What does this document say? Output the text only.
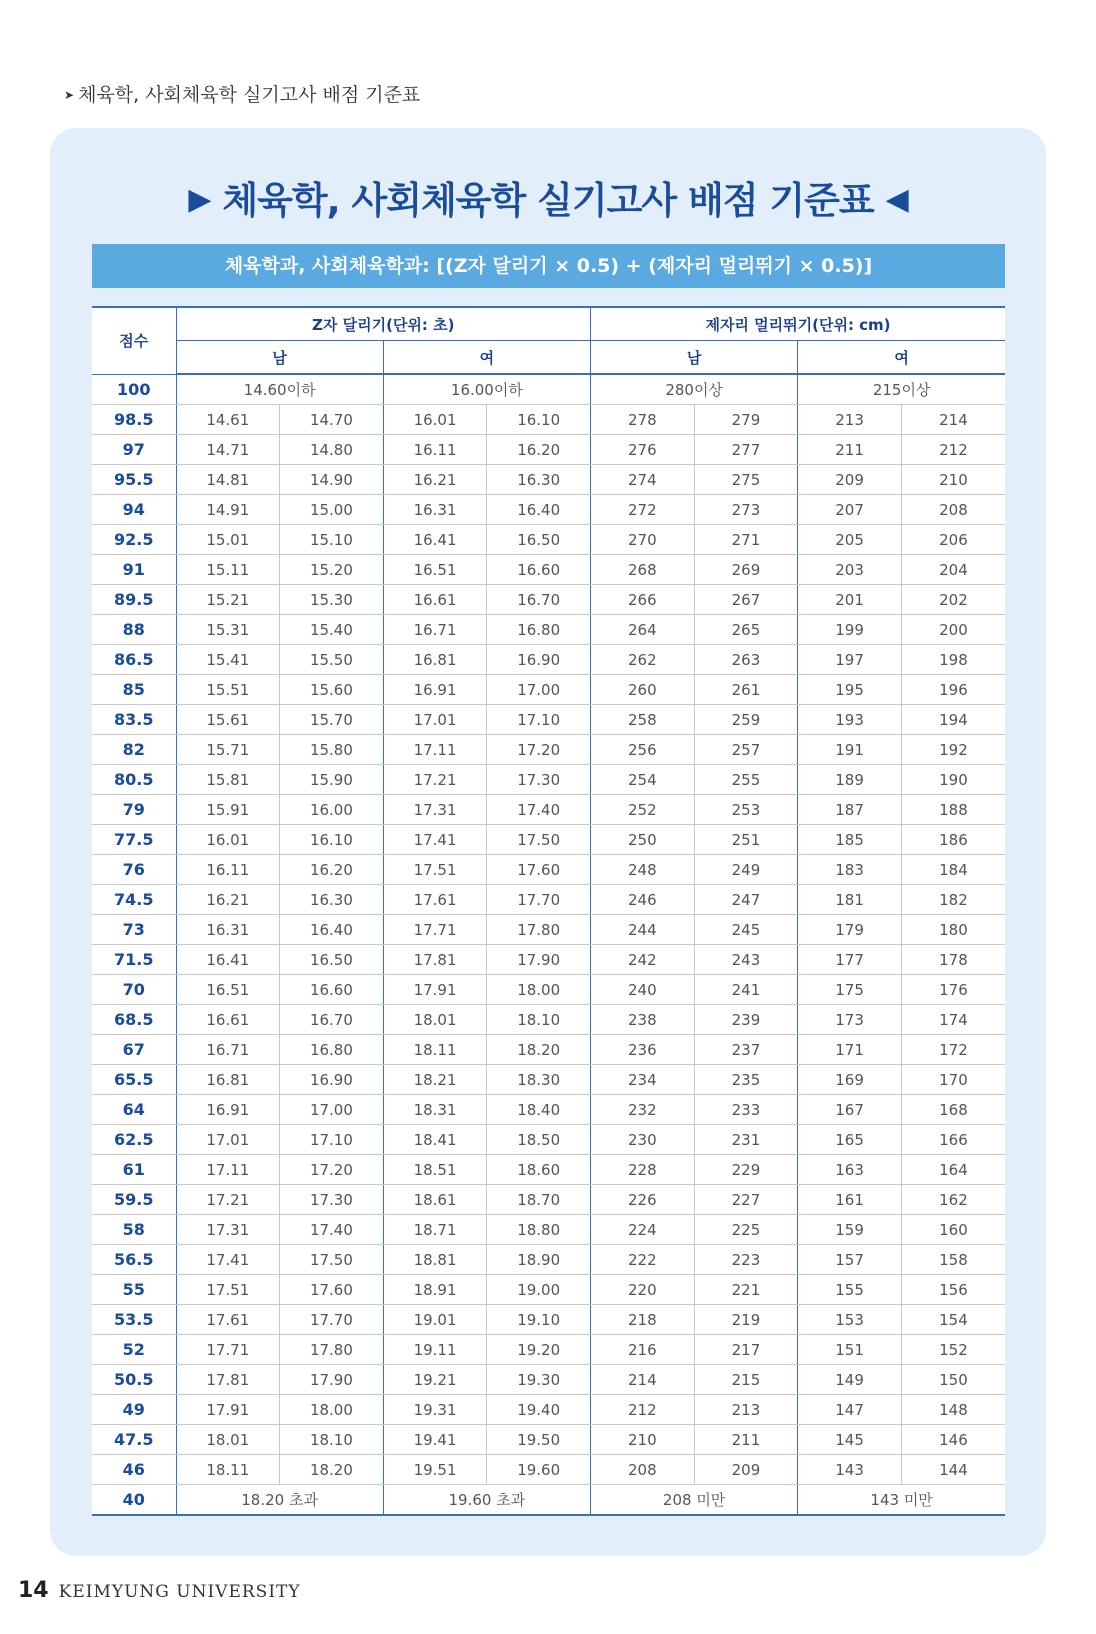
➤ 체육학, 사회체육학 실기고사 배점 기준표
▶ 체육학, 사회체육학 실기고사 배점 기준표 ◀
체육학과, 사회체육학과: [(Z자 달리기 × 0.5) + (제자리 멀리뛰기 × 0.5)]
점수	Z자 달리기(단위: 초)				제자리 멀리뛰기(단위: cm)			
	남		여		남		여	
100	14.60이하		16.00이하		280이상		215이상	
98.5	14.61	14.70	16.01	16.10	278	279	213	214
97	14.71	14.80	16.11	16.20	276	277	211	212
95.5	14.81	14.90	16.21	16.30	274	275	209	210
94	14.91	15.00	16.31	16.40	272	273	207	208
92.5	15.01	15.10	16.41	16.50	270	271	205	206
91	15.11	15.20	16.51	16.60	268	269	203	204
89.5	15.21	15.30	16.61	16.70	266	267	201	202
88	15.31	15.40	16.71	16.80	264	265	199	200
86.5	15.41	15.50	16.81	16.90	262	263	197	198
85	15.51	15.60	16.91	17.00	260	261	195	196
83.5	15.61	15.70	17.01	17.10	258	259	193	194
82	15.71	15.80	17.11	17.20	256	257	191	192
80.5	15.81	15.90	17.21	17.30	254	255	189	190
79	15.91	16.00	17.31	17.40	252	253	187	188
77.5	16.01	16.10	17.41	17.50	250	251	185	186
76	16.11	16.20	17.51	17.60	248	249	183	184
74.5	16.21	16.30	17.61	17.70	246	247	181	182
73	16.31	16.40	17.71	17.80	244	245	179	180
71.5	16.41	16.50	17.81	17.90	242	243	177	178
70	16.51	16.60	17.91	18.00	240	241	175	176
68.5	16.61	16.70	18.01	18.10	238	239	173	174
67	16.71	16.80	18.11	18.20	236	237	171	172
65.5	16.81	16.90	18.21	18.30	234	235	169	170
64	16.91	17.00	18.31	18.40	232	233	167	168
62.5	17.01	17.10	18.41	18.50	230	231	165	166
61	17.11	17.20	18.51	18.60	228	229	163	164
59.5	17.21	17.30	18.61	18.70	226	227	161	162
58	17.31	17.40	18.71	18.80	224	225	159	160
56.5	17.41	17.50	18.81	18.90	222	223	157	158
55	17.51	17.60	18.91	19.00	220	221	155	156
53.5	17.61	17.70	19.01	19.10	218	219	153	154
52	17.71	17.80	19.11	19.20	216	217	151	152
50.5	17.81	17.90	19.21	19.30	214	215	149	150
49	17.91	18.00	19.31	19.40	212	213	147	148
47.5	18.01	18.10	19.41	19.50	210	211	145	146
46	18.11	18.20	19.51	19.60	208	209	143	144
40	18.20 초과		19.60 초과		208 미만		143 미만	
14 KEIMYUNG UNIVERSITY
